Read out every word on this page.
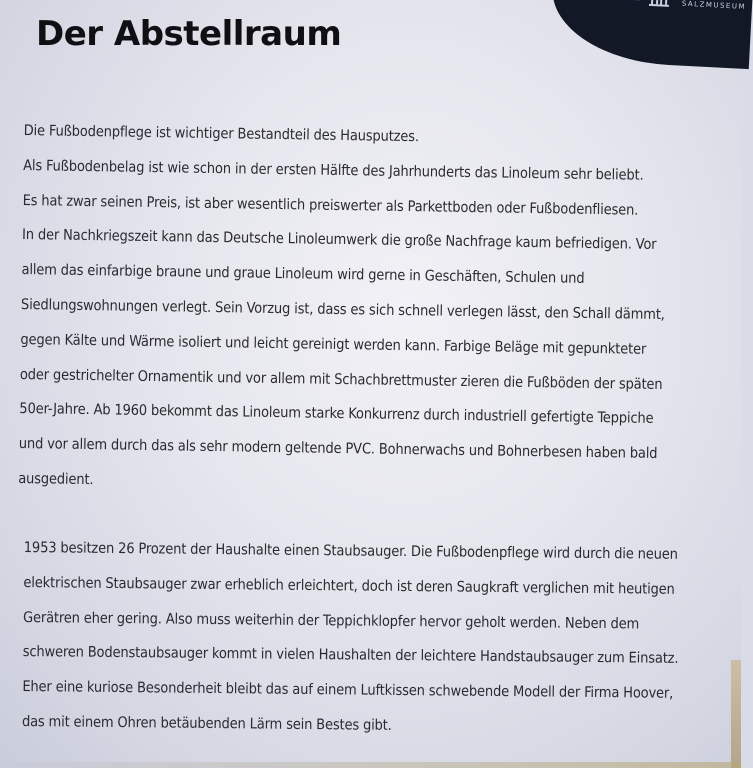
SALZMUSEUM
Der Abstellraum
Die Fußbodenpflege ist wichtiger Bestandteil des Hausputzes.
Als Fußbodenbelag ist wie schon in der ersten Hälfte des Jahrhunderts das Linoleum sehr beliebt.
Es hat zwar seinen Preis, ist aber wesentlich preiswerter als Parkettboden oder Fußbodenfliesen.
In der Nachkriegszeit kann das Deutsche Linoleumwerk die große Nachfrage kaum befriedigen. Vor
allem das einfarbige braune und graue Linoleum wird gerne in Geschäften, Schulen und
Siedlungswohnungen verlegt. Sein Vorzug ist, dass es sich schnell verlegen lässt, den Schall dämmt,
gegen Kälte und Wärme isoliert und leicht gereinigt werden kann. Farbige Beläge mit gepunkteter
oder gestrichelter Ornamentik und vor allem mit Schachbrettmuster zieren die Fußböden der späten
50er-Jahre. Ab 1960 bekommt das Linoleum starke Konkurrenz durch industriell gefertigte Teppiche
und vor allem durch das als sehr modern geltende PVC. Bohnerwachs und Bohnerbesen haben bald
ausgedient.
1953 besitzen 26 Prozent der Haushalte einen Staubsauger. Die Fußbodenpflege wird durch die neuen
elektrischen Staubsauger zwar erheblich erleichtert, doch ist deren Saugkraft verglichen mit heutigen
Gerätren eher gering. Also muss weiterhin der Teppichklopfer hervor geholt werden. Neben dem
schweren Bodenstaubsauger kommt in vielen Haushalten der leichtere Handstaubsauger zum Einsatz.
Eher eine kuriose Besonderheit bleibt das auf einem Luftkissen schwebende Modell der Firma Hoover,
das mit einem Ohren betäubenden Lärm sein Bestes gibt.
